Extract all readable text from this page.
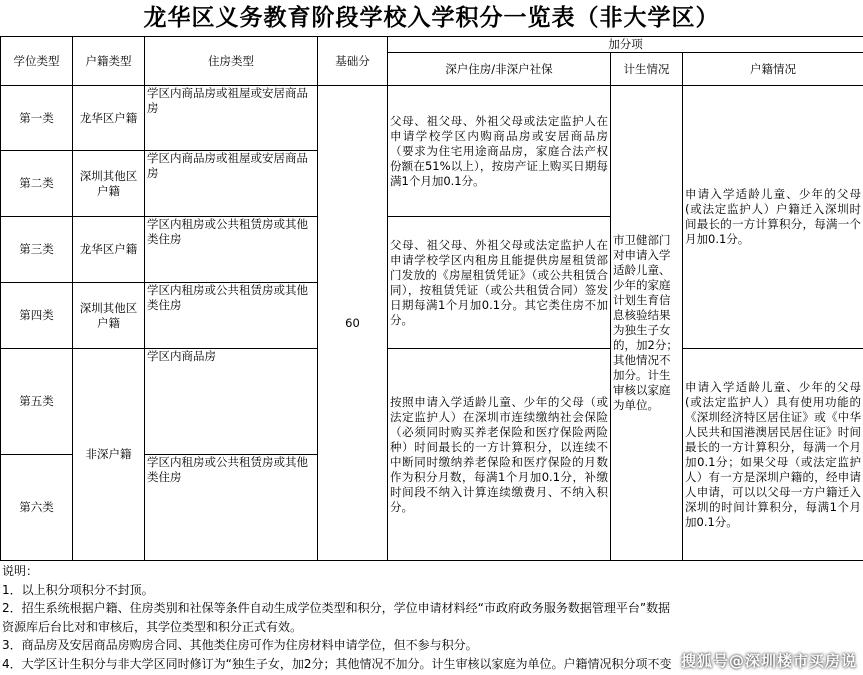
龙华区义务教育阶段学校入学积分一览表（非大学区）
学位类型	户籍类型	住房类型	基础分	加分项		
				深户住房/非深户社保	计生情况	户籍情况
第一类	龙华区户籍	学区内商品房或祖屋或安居商品房	60	父母、祖父母、外祖父母或法定监护人在申请学校学区内购商品房或安居商品房（要求为住宅用途商品房，家庭合法产权份额在51%以上），按房产证上购买日期每满1个月加0.1分。	市卫健部门对申请入学适龄儿童、少年的家庭计划生育信息核验结果为独生子女的，加2分；其他情况不加分。计生审核以家庭为单位。	申请入学适龄儿童、少年的父母(或法定监护人）户籍迁入深圳时间最长的一方计算积分，每满一个月加0.1分。
第二类	深圳其他区户籍	学区内商品房或祖屋或安居商品房				
第三类	龙华区户籍	学区内租房或公共租赁房或其他类住房		父母、祖父母、外祖父母或法定监护人在申请学校学区内租房且能提供房屋租赁部门发放的《房屋租赁凭证》（或公共租赁合同），按租赁凭证（或公共租赁合同）签发日期每满1个月加0.1分。其它类住房不加分。		
第四类	深圳其他区户籍	学区内租房或公共租赁房或其他类住房				
第五类	非深户籍	学区内商品房		按照申请入学适龄儿童、少年的父母（或法定监护人）在深圳市连续缴纳社会保险（必须同时购买养老保险和医疗保险两险种）时间最长的一方计算积分，以连续不中断同时缴纳养老保险和医疗保险的月数作为积分月数，每满1个月加0.1分，补缴时间段不纳入计算连续缴费月、不纳入积分。		申请入学适龄儿童、少年的父母(或法定监护人）具有使用功能的《深圳经济特区居住证》或《中华人民共和国港澳居民居住证》时间最长的一方计算积分，每满一个月加0.1分；如果父母（或法定监护人）有一方是深圳户籍的，经申请人申请，可以以父母一方户籍迁入深圳的时间计算积分，每满1个月加0.1分。
第六类		学区内租房或公共租赁房或其他类住房				
说明：
1．以上积分项积分不封顶。
2．招生系统根据户籍、住房类别和社保等条件自动生成学位类型和积分，学位申请材料经“市政府政务服务数据管理平台”数据
资源库后台比对和审核后，其学位类型和积分正式有效。
3．商品房及安居商品房购房合同、其他类住房可作为住房材料申请学位，但不参与积分。
4．大学区计生积分与非大学区同时修订为“独生子女，加2分；其他情况不加分。计生审核以家庭为单位。户籍情况积分项不变 搜狐号@深圳楼市买房说
